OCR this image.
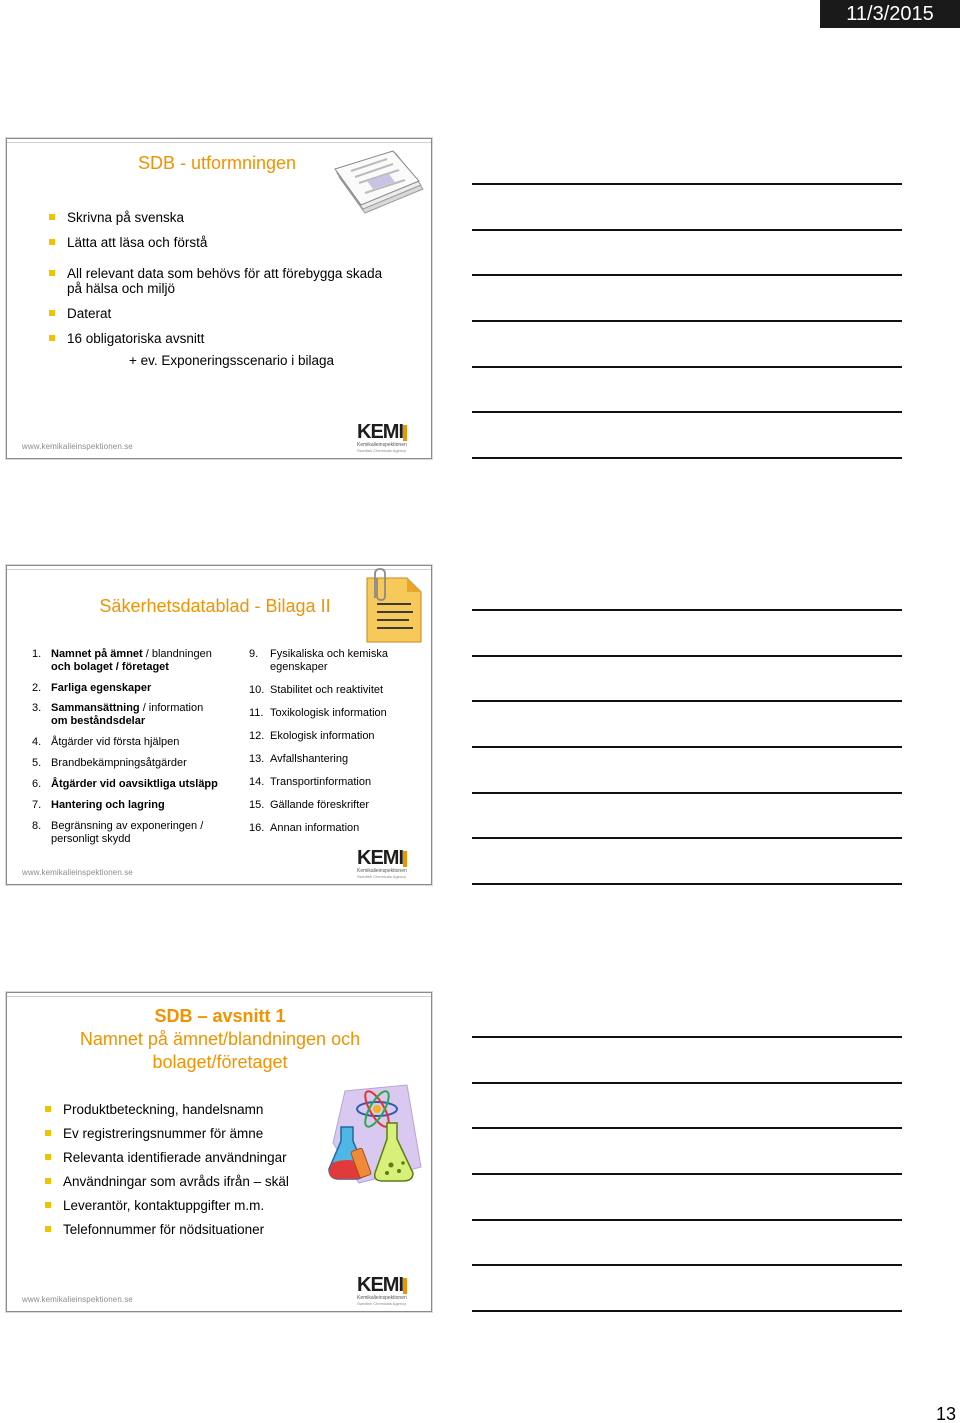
11/3/2015
SDB - utformningen
Skrivna på svenska
Lätta att läsa och förstå
All relevant data som behövs för att förebygga skada
på hälsa och miljö
Daterat
16 obligatoriska avsnitt
+ ev. Exponeringsscenario i bilaga
www.kemikalieinspektionen.se
KEMI
Kemikalieinspektionen
Swedish Chemicals Agency
Säkerhetsdatablad - Bilaga II
1. Namnet på ämnet / blandningen
och bolaget / företaget
2. Farliga egenskaper
3. Sammansättning / information
om beståndsdelar
4. Åtgärder vid första hjälpen
5. Brandbekämpningsåtgärder
6. Åtgärder vid oavsiktliga utsläpp
7. Hantering och lagring
8. Begränsning av exponeringen /
personligt skydd
9. Fysikaliska och kemiska
egenskaper
10. Stabilitet och reaktivitet
11. Toxikologisk information
12. Ekologisk information
13. Avfallshantering
14. Transportinformation
15. Gällande föreskrifter
16. Annan information
www.kemikalieinspektionen.se
KEMI
Kemikalieinspektionen
Swedish Chemicals Agency
SDB – avsnitt 1
Namnet på ämnet/blandningen och
bolaget/företaget
Produktbeteckning, handelsnamn
Ev registreringsnummer för ämne
Relevanta identifierade användningar
Användningar som avråds ifrån – skäl
Leverantör, kontaktuppgifter m.m.
Telefonnummer för nödsituationer
www.kemikalieinspektionen.se
KEMI
Kemikalieinspektionen
Swedish Chemicals Agency
13
